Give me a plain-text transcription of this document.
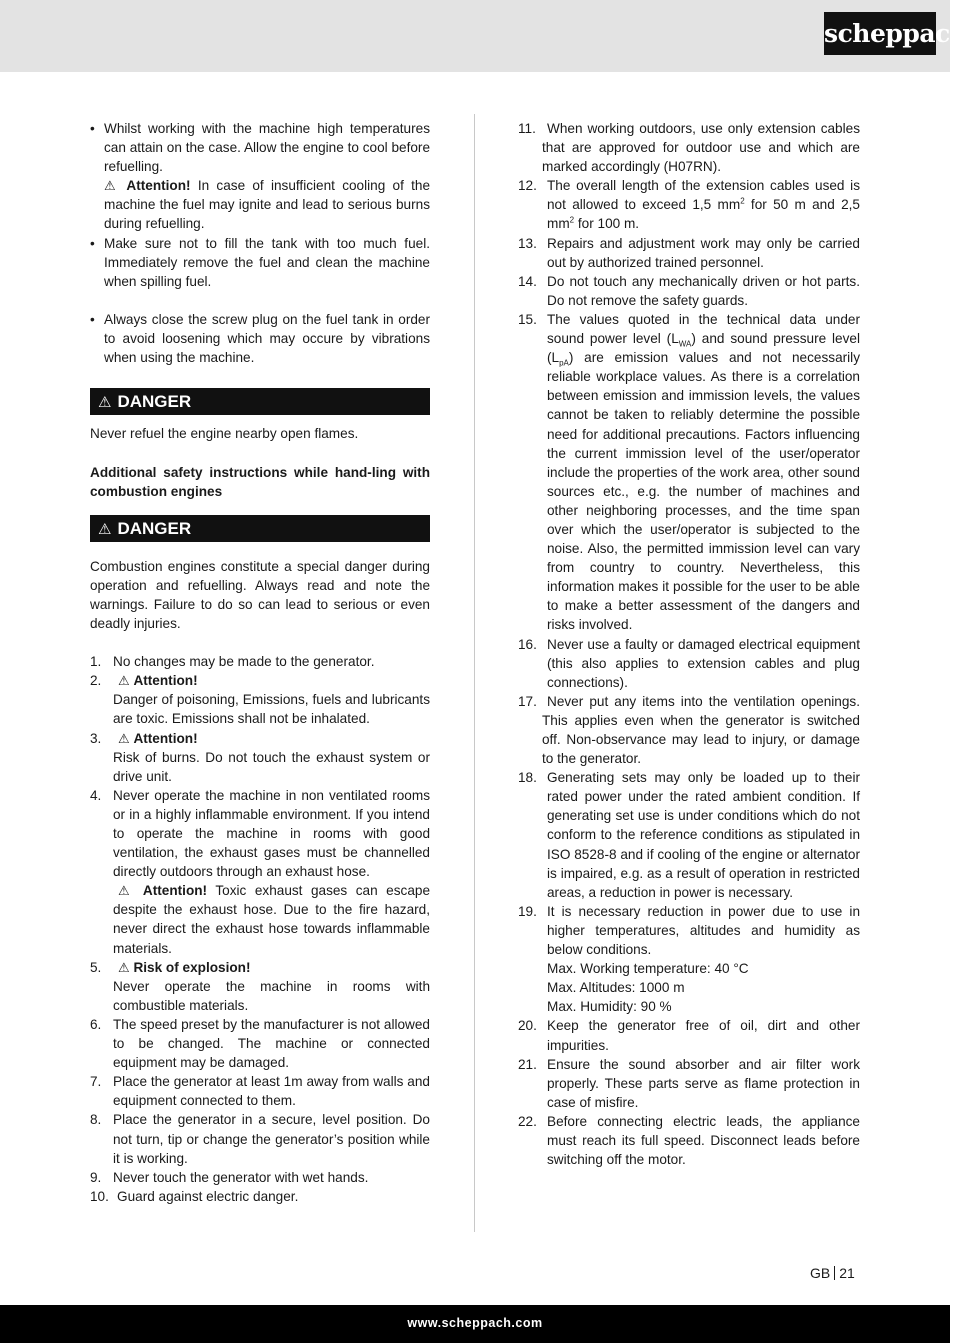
scheppach
• Whilst working with the machine high temperatures can attain on the case. Allow the engine to cool before refuelling.
⚠ Attention! In case of insufficient cooling of the machine the fuel may ignite and lead to serious burns during refuelling.
• Make sure not to fill the tank with too much fuel. Immediately remove the fuel and clean the machine when spilling fuel.
• Always close the screw plug on the fuel tank in order to avoid loosening which may occure by vibrations when using the machine.
⚠ DANGER

Never refuel the engine nearby open flames.

Additional safety instructions while hand-ling with combustion engines

⚠ DANGER

Combustion engines constitute a special danger during operation and refuelling. Always read and note the warnings. Failure to do so can lead to serious or even deadly injuries.

1. No changes may be made to the generator.
2. ⚠ Attention!
Danger of poisoning, Emissions, fuels and lubricants are toxic. Emissions shall not be inhalated.
3. ⚠ Attention!
Risk of burns. Do not touch the exhaust system or drive unit.
4. Never operate the machine in non ventilated rooms or in a highly inflammable environment. If you intend to operate the machine in rooms with good ventilation, the exhaust gases must be channelled directly outdoors through an exhaust hose.
⚠ Attention! Toxic exhaust gases can escape despite the exhaust hose. Due to the fire hazard, never direct the exhaust hose towards inflammable materials.
5. ⚠ Risk of explosion!
Never operate the machine in rooms with combustible materials.
6. The speed preset by the manufacturer is not allowed to be changed. The machine or connected equipment may be damaged.
7. Place the generator at least 1m away from walls and equipment connected to them.
8. Place the generator in a secure, level position. Do not turn, tip or change the generator’s position while it is working.
9. Never touch the generator with wet hands.
10. Guard against electric danger.
11. When working outdoors, use only extension cables that are approved for outdoor use and which are marked accordingly (H07RN).
12. The overall length of the extension cables used is not allowed to exceed 1,5 $mm^2$ for 50 m and 2,5 $mm^2$ for 100 m.
13. Repairs and adjustment work may only be carried out by authorized trained personnel.
14. Do not touch any mechanically driven or hot parts. Do not remove the safety guards.
15. The values quoted in the technical data under sound power level $(L_{WA})$ and sound pressure level $(L_{pA})$ are emission values and not necessarily reliable workplace values. As there is a correlation between emission and immission levels, the values cannot be taken to reliably determine the possible need for additional precautions. Factors influencing the current immission level of the user/operator include the properties of the work area, other sound sources etc., e.g. the number of machines and other neighboring processes, and the time span over which the user/operator is subjected to the noise. Also, the permitted immission level can vary from country to country. Nevertheless, this information makes it possible for the user to be able to make a better assessment of the dangers and risks involved.
16. Never use a faulty or damaged electrical equipment (this also applies to extension cables and plug connections).
17. Never put any items into the ventilation openings. This applies even when the generator is switched off. Non-observance may lead to injury, or damage to the generator.
18. Generating sets may only be loaded up to their rated power under the rated ambient condition. If generating set use is under conditions which do not conform to the reference conditions as stipulated in ISO 8528-8 and if cooling of the engine or alternator is impaired, e.g. as a result of operation in restricted areas, a reduction in power is necessary.
19. It is necessary reduction in power due to use in higher temperatures, altitudes and humidity as below conditions.
Max. Working temperature: 40 °C
Max. Altitudes: 1000 m
Max. Humidity: 90 %
20. Keep the generator free of oil, dirt and other impurities.
21. Ensure the sound absorber and air filter work properly. These parts serve as flame protection in case of misfire.
22. Before connecting electric leads, the appliance must reach its full speed. Disconnect leads before switching off the motor.
GB 21
www.scheppach.com
